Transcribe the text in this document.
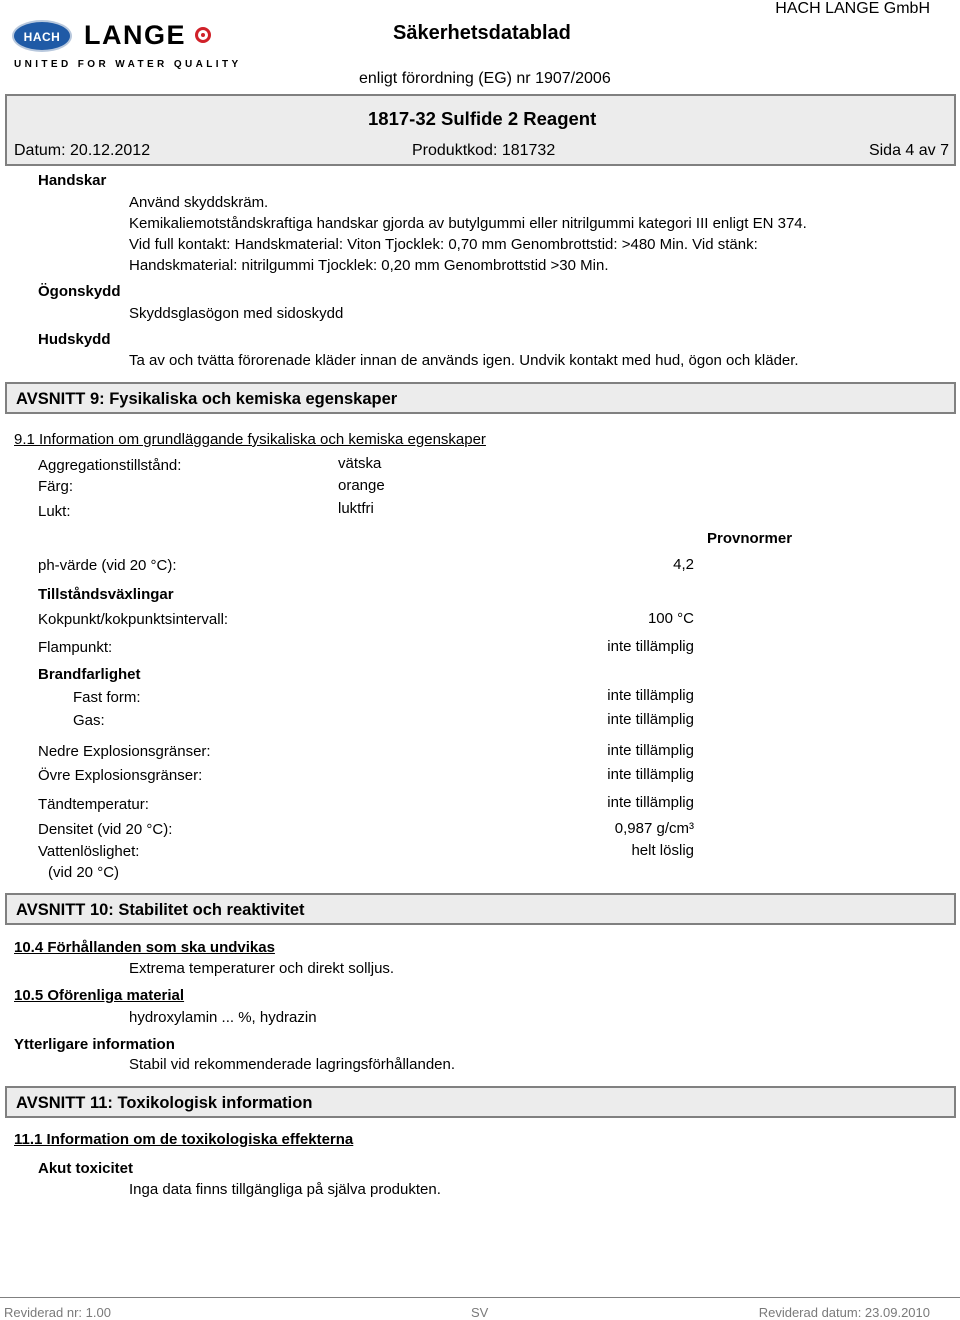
HACH LANGE
UNITED FOR WATER QUALITY
Säkerhetsdatablad
HACH LANGE GmbH
enligt förordning (EG) nr 1907/2006
1817-32 Sulfide 2 Reagent
Datum: 20.12.2012	Produktkod: 181732	Sida 4 av 7
Handskar
Använd skyddskräm.
Kemikaliemotståndskraftiga handskar gjorda av butylgummi eller nitrilgummi kategori III enligt EN 374.
Vid full kontakt: Handskmaterial: Viton Tjocklek: 0,70 mm Genombrottstid: >480 Min. Vid stänk:
Handskmaterial: nitrilgummi Tjocklek: 0,20 mm Genombrottstid >30 Min.
Ögonskydd
Skyddsglasögon med sidoskydd
Hudskydd
Ta av och tvätta förorenade kläder innan de används igen. Undvik kontakt med hud, ögon och kläder.
AVSNITT 9: Fysikaliska och kemiska egenskaper
9.1 Information om grundläggande fysikaliska och kemiska egenskaper
Aggregationstillstånd:	vätska
Färg:	orange
Lukt:	luktfri
Provnormer
ph-värde (vid 20 °C):	4,2
Tillståndsväxlingar
Kokpunkt/kokpunktsintervall:	100 °C
Flampunkt:	inte tillämplig
Brandfarlighet
Fast form:	inte tillämplig
Gas:	inte tillämplig
Nedre Explosionsgränser:	inte tillämplig
Övre Explosionsgränser:	inte tillämplig
Tändtemperatur:	inte tillämplig
Densitet (vid 20 °C):	0,987 g/cm³
Vattenlöslighet:	helt löslig
(vid 20 °C)
AVSNITT 10: Stabilitet och reaktivitet
10.4 Förhållanden som ska undvikas
Extrema temperaturer och direkt solljus.
10.5 Oförenliga material
hydroxylamin ... %, hydrazin
Ytterligare information
Stabil vid rekommenderade lagringsförhållanden.
AVSNITT 11: Toxikologisk information
11.1 Information om de toxikologiska effekterna
Akut toxicitet
Inga data finns tillgängliga på själva produkten.
Reviderad nr: 1.00	SV	Reviderad datum: 23.09.2010
